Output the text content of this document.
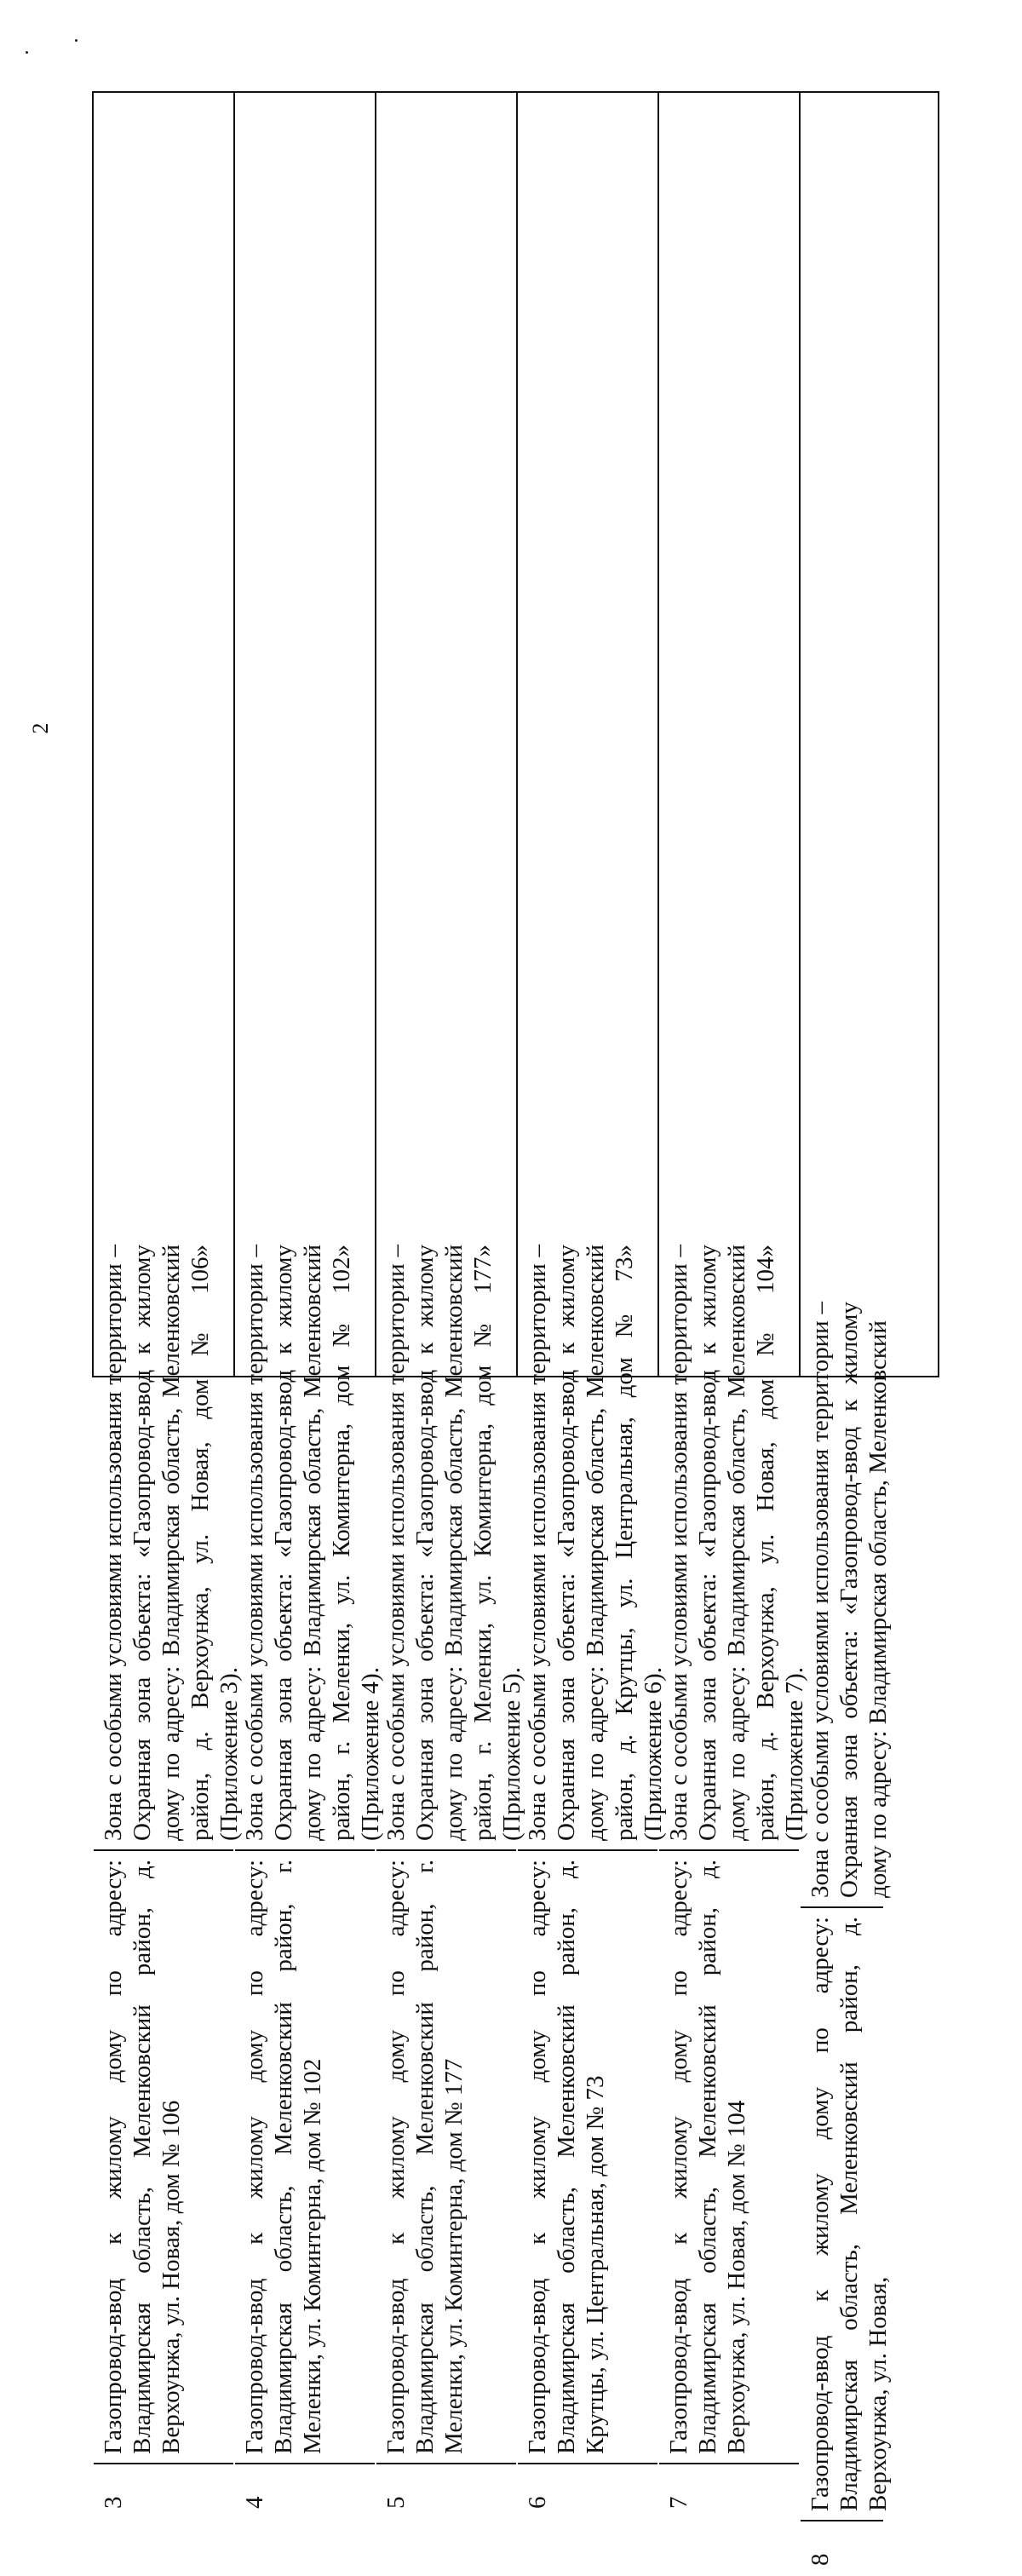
2
3
Газопровод-ввод к жилому дому по адресу: Владимирская область, Меленковский район, д. Верхоунжа, ул. Новая, дом № 106
Зона с особыми условиями использования территории – Охранная зона объекта: «Газопровод-ввод к жилому дому по адресу: Владимирская область, Меленковский район, д. Верхоунжа, ул. Новая, дом № 106» (Приложение 3).
4
Газопровод-ввод к жилому дому по адресу: Владимирская область, Меленковский район, г. Меленки, ул. Коминтерна, дом № 102
Зона с особыми условиями использования территории – Охранная зона объекта: «Газопровод-ввод к жилому дому по адресу: Владимирская область, Меленковский район, г. Меленки, ул. Коминтерна, дом № 102» (Приложение 4).
5
Газопровод-ввод к жилому дому по адресу: Владимирская область, Меленковский район, г. Меленки, ул. Коминтерна, дом № 177
Зона с особыми условиями использования территории – Охранная зона объекта: «Газопровод-ввод к жилому дому по адресу: Владимирская область, Меленковский район, г. Меленки, ул. Коминтерна, дом № 177» (Приложение 5).
6
Газопровод-ввод к жилому дому по адресу: Владимирская область, Меленковский район, д. Крутцы, ул. Центральная, дом № 73
Зона с особыми условиями использования территории – Охранная зона объекта: «Газопровод-ввод к жилому дому по адресу: Владимирская область, Меленковский район, д. Крутцы, ул. Центральная, дом № 73» (Приложение 6).
7
Газопровод-ввод к жилому дому по адресу: Владимирская область, Меленковский район, д. Верхоунжа, ул. Новая, дом № 104
Зона с особыми условиями использования территории – Охранная зона объекта: «Газопровод-ввод к жилому дому по адресу: Владимирская область, Меленковский район, д. Верхоунжа, ул. Новая, дом № 104» (Приложение 7).
8
Газопровод-ввод к жилому дому по адресу: Владимирская область, Меленковский район, д. Верхоунжа, ул. Новая,
Зона с особыми условиями использования территории – Охранная зона объекта: «Газопровод-ввод к жилому дому по адресу: Владимирская область, Меленковский
